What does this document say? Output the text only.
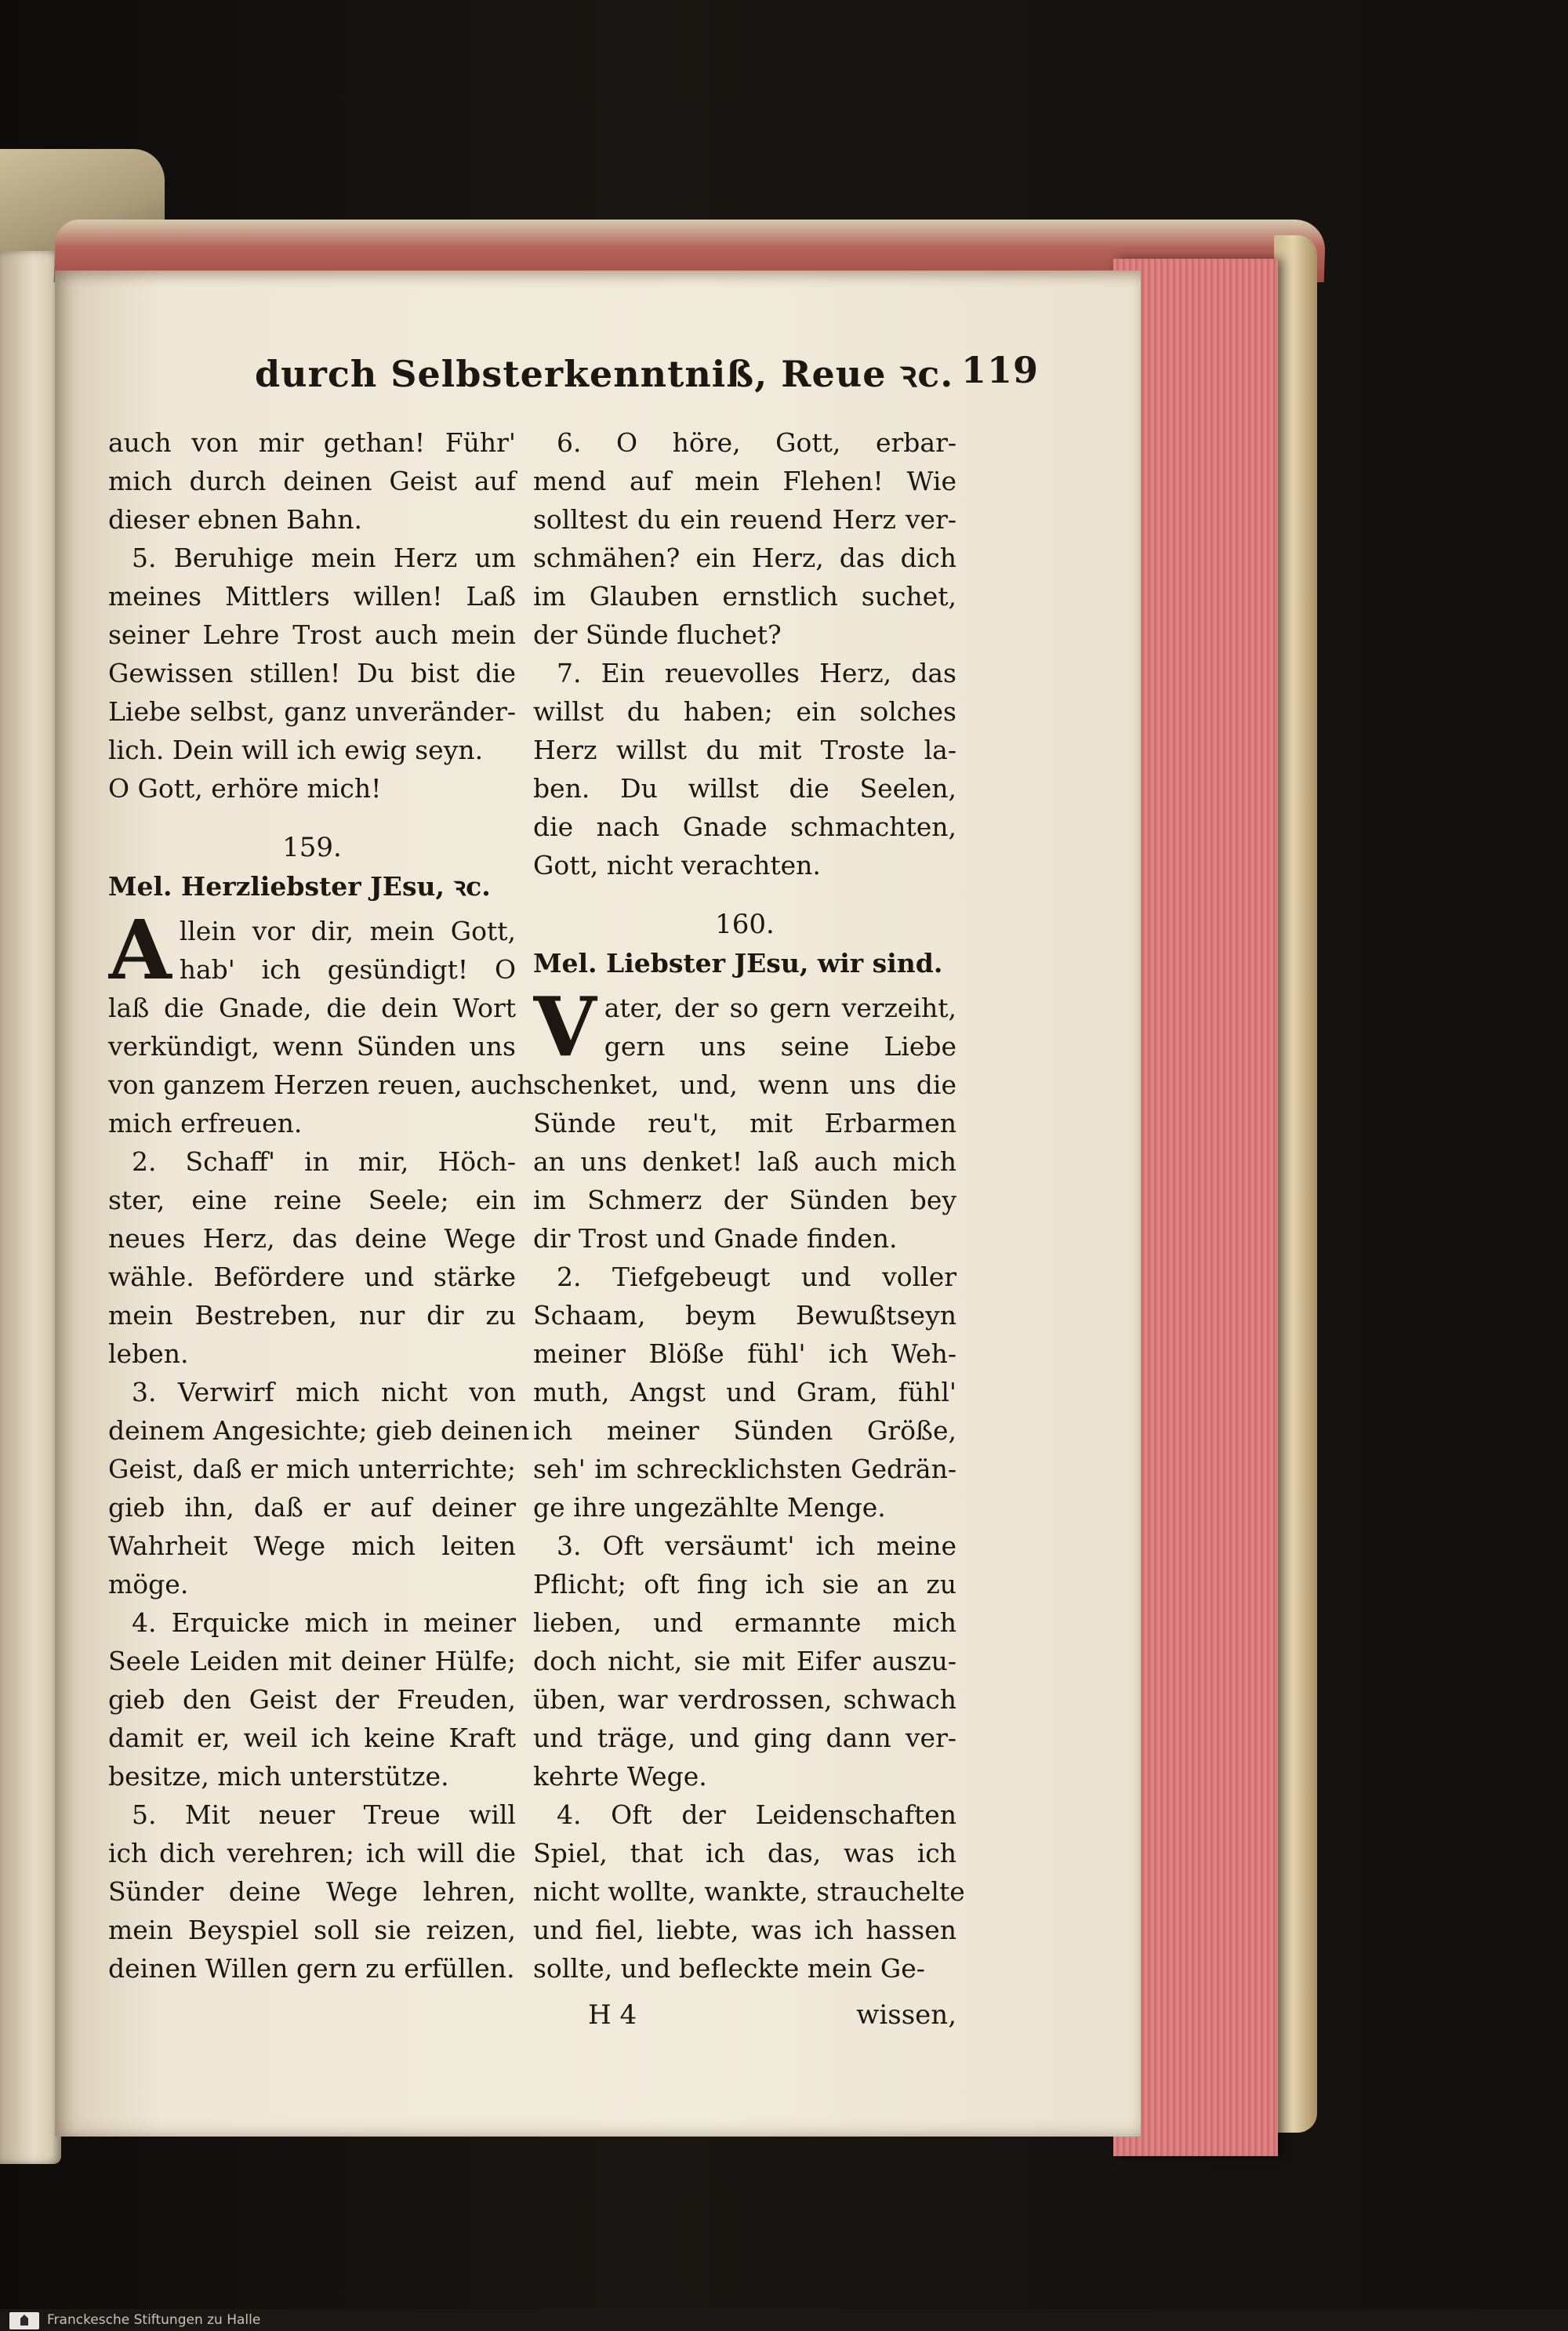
durch Selbsterkenntniß, Reue ꝛc. 119
auch von mir gethan! Führ'
mich durch deinen Geist auf
dieser ebnen Bahn.
5. Beruhige mein Herz um
meines Mittlers willen! Laß
seiner Lehre Trost auch mein
Gewissen stillen! Du bist die
Liebe selbst, ganz unveränder-
lich. Dein will ich ewig seyn.
O Gott, erhöre mich!
159.
Mel. Herzliebster JEsu, ꝛc.
A llein vor dir, mein Gott,
hab' ich gesündigt! O
laß die Gnade, die dein Wort
verkündigt, wenn Sünden uns
von ganzem Herzen reuen, auch
mich erfreuen.
2. Schaff' in mir, Höch-
ster, eine reine Seele; ein
neues Herz, das deine Wege
wähle. Befördere und stärke
mein Bestreben, nur dir zu
leben.
3. Verwirf mich nicht von
deinem Angesichte; gieb deinen
Geist, daß er mich unterrichte;
gieb ihn, daß er auf deiner
Wahrheit Wege mich leiten
möge.
4. Erquicke mich in meiner
Seele Leiden mit deiner Hülfe;
gieb den Geist der Freuden,
damit er, weil ich keine Kraft
besitze, mich unterstütze.
5. Mit neuer Treue will
ich dich verehren; ich will die
Sünder deine Wege lehren,
mein Beyspiel soll sie reizen,
deinen Willen gern zu erfüllen.
6. O höre, Gott, erbar-
mend auf mein Flehen! Wie
solltest du ein reuend Herz ver-
schmähen? ein Herz, das dich
im Glauben ernstlich suchet,
der Sünde fluchet?
7. Ein reuevolles Herz, das
willst du haben; ein solches
Herz willst du mit Troste la-
ben. Du willst die Seelen,
die nach Gnade schmachten,
Gott, nicht verachten.
160.
Mel. Liebster JEsu, wir sind.
V ater, der so gern verzeiht,
gern uns seine Liebe
schenket, und, wenn uns die
Sünde reu't, mit Erbarmen
an uns denket! laß auch mich
im Schmerz der Sünden bey
dir Trost und Gnade finden.
2. Tiefgebeugt und voller
Schaam, beym Bewußtseyn
meiner Blöße fühl' ich Weh-
muth, Angst und Gram, fühl'
ich meiner Sünden Größe,
seh' im schrecklichsten Gedrän-
ge ihre ungezählte Menge.
3. Oft versäumt' ich meine
Pflicht; oft fing ich sie an zu
lieben, und ermannte mich
doch nicht, sie mit Eifer auszu-
üben, war verdrossen, schwach
und träge, und ging dann ver-
kehrte Wege.
4. Oft der Leidenschaften
Spiel, that ich das, was ich
nicht wollte, wankte, strauchelte
und fiel, liebte, was ich hassen
sollte, und befleckte mein Ge-
H 4	wissen,
Franckesche Stiftungen zu Halle
